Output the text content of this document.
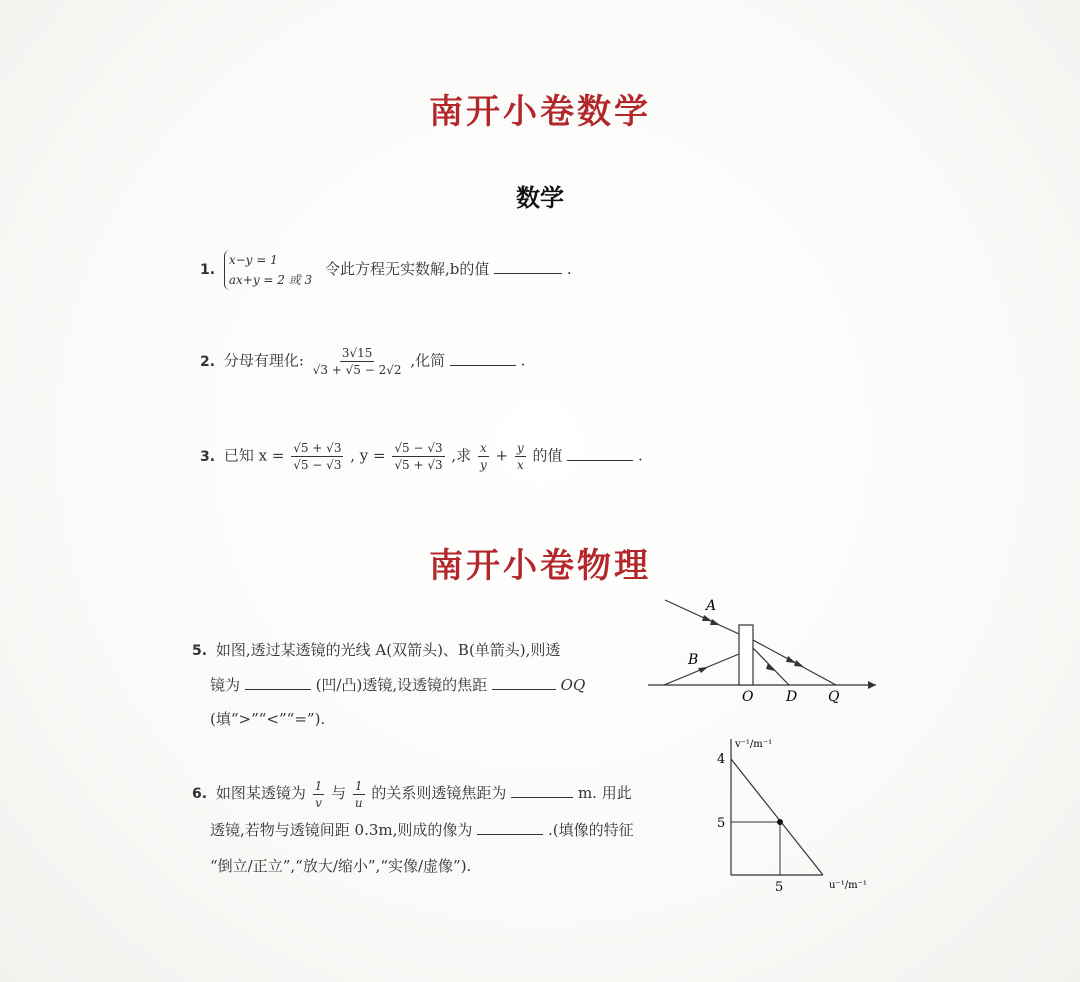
南开小卷数学
数学
1.
x−y = 1
ax+y = 2 或 3
令此方程无实数解,b的值	.
2. 分母有理化: $\frac{3√15}{√3 + √5 - 2√2}$ ,化简	.
3. 已知 $x = \frac{√5 + √3}{√5 - √3}$ , $y = \frac{√5 - √3}{√5 + √3}$ ,求 $\frac{x}{y} + \frac{y}{x}$ 的值	.
南开小卷物理
5. 如图,透过某透镜的光线 A(双箭头)、B(单箭头),则透
镜为	(凹/凸)透镜,设透镜的焦距	OQ
(填“>”“<”“=”).
A
B
O D Q
6. 如图某透镜为 $\frac{1}{v}$ 与 $\frac{1}{u}$ 的关系则透镜焦距为	m. 用此
透镜,若物与透镜间距 0.3m,则成的像为	.(填像的特征
“倒立/正立”,“放大/缩小”,“实像/虚像”).
v⁻¹/m⁻¹
u⁻¹/m⁻¹
4
5
5
